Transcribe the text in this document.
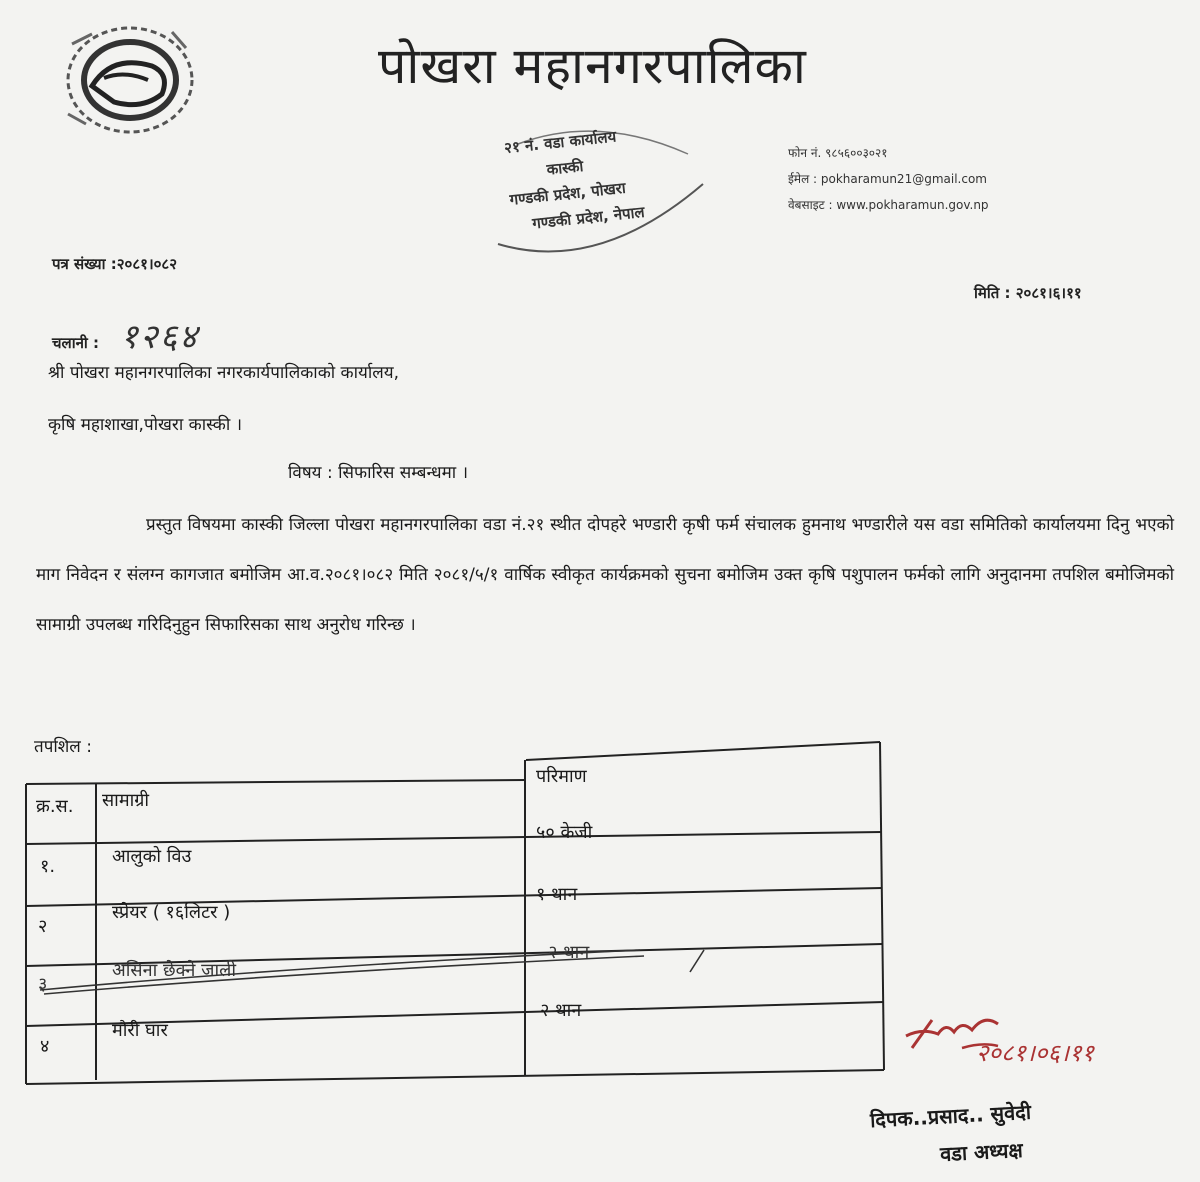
पोखरा महानगरपालिका
२१ नं. वडा कार्यालय
कास्की
गण्डकी प्रदेश, पोखरा
गण्डकी प्रदेश, नेपाल
फोन नं. ९८५६००३०२१
ईमेल : pokharamun21@gmail.com
वेबसाइट : www.pokharamun.gov.np
पत्र संख्या :२०८१।०८२
मिति : २०८१।६।११
चलानी : १२६४
श्री पोखरा महानगरपालिका नगरकार्यपालिकाको कार्यालय,
कृषि महाशाखा,पोखरा कास्की ।
विषय : सिफारिस सम्बन्धमा ।
प्रस्तुत विषयमा कास्की जिल्ला पोखरा महानगरपालिका वडा नं.२१ स्थीत दोपहरे भण्डारी कृषी फर्म संचालक हुमनाथ भण्डारीले यस वडा समितिको कार्यालयमा दिनु भएको माग निवेदन र संलग्न कागजात बमोजिम आ.व.२०८१।०८२ मिति २०८१/५/१ वार्षिक स्वीकृत कार्यक्रमको सुचना बमोजिम उक्त कृषि पशुपालन फर्मको लागि अनुदानमा तपशिल बमोजिमको सामाग्री उपलब्ध गरिदिनुहुन सिफारिसका साथ अनुरोध गरिन्छ ।
तपशिल :
क्र.स. सामाग्री
परिमाण
१.	आलुको विउ
५० केजी
२
स्प्रेयर ( १६लिटर )
१ थान
३
असिना छेक्ने जाली
२ थान
४
मौरी घार
२ थान
२०८१।०६।११
दिपक..प्रसाद.. सुवेदी
वडा अध्यक्ष
